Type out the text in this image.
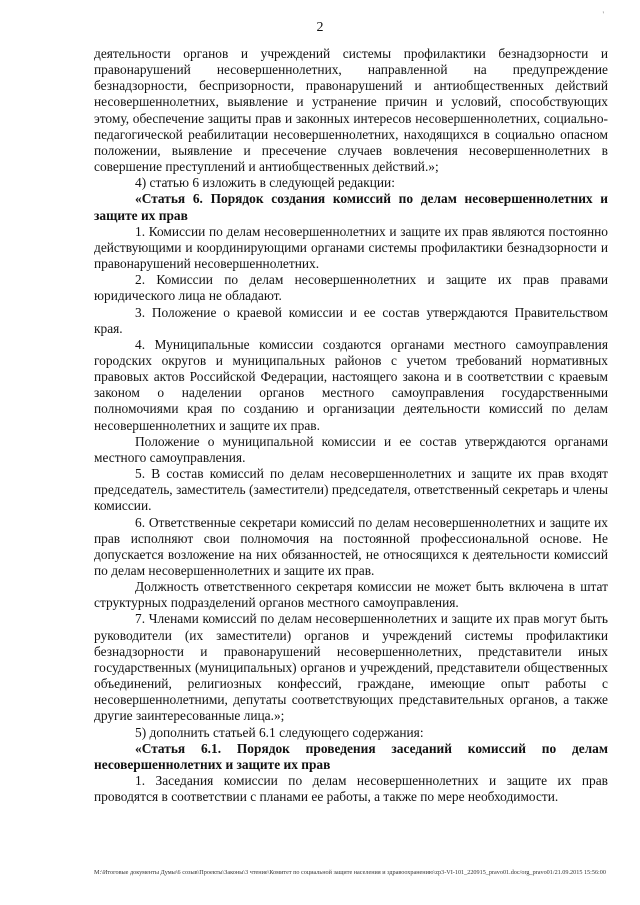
'
2

деятельности органов и учреждений системы профилактики безнадзорности и правонарушений несовершеннолетних, направленной на предупреждение безнадзорности, беспризорности, правонарушений и антиобщественных действий несовершеннолетних, выявление и устранение причин и условий, способствующих этому, обеспечение защиты прав и законных интересов несовершеннолетних, социально-педагогической реабилитации несовершеннолетних, находящихся в социально опасном положении, выявление и пресечение случаев вовлечения несовершеннолетних в совершение преступлений и антиобщественных действий.»;

4) статью 6 изложить в следующей редакции:

«Статья 6. Порядок создания комиссий по делам несовершеннолетних и защите их прав

1. Комиссии по делам несовершеннолетних и защите их прав являются постоянно действующими и координирующими органами системы профилактики безнадзорности и правонарушений несовершеннолетних.

2. Комиссии по делам несовершеннолетних и защите их прав правами юридического лица не обладают.

3. Положение о краевой комиссии и ее состав утверждаются Правительством края.

4. Муниципальные комиссии создаются органами местного самоуправления городских округов и муниципальных районов с учетом требований нормативных правовых актов Российской Федерации, настоящего закона и в соответствии с краевым законом о наделении органов местного самоуправления государственными полномочиями края по созданию и организации деятельности комиссий по делам несовершеннолетних и защите их прав.

Положение о муниципальной комиссии и ее состав утверждаются органами местного самоуправления.

5. В состав комиссий по делам несовершеннолетних и защите их прав входят председатель, заместитель (заместители) председателя, ответственный секретарь и члены комиссии.

6. Ответственные секретари комиссий по делам несовершеннолетних и защите их прав исполняют свои полномочия на постоянной профессиональной основе. Не допускается возложение на них обязанностей, не относящихся к деятельности комиссий по делам несовершеннолетних и защите их прав.

Должность ответственного секретаря комиссии не может быть включена в штат структурных подразделений органов местного самоуправления.

7. Членами комиссий по делам несовершеннолетних и защите их прав могут быть руководители (их заместители) органов и учреждений системы профилактики безнадзорности и правонарушений несовершеннолетних, представители иных государственных (муниципальных) органов и учреждений, представители общественных объединений, религиозных конфессий, граждане, имеющие опыт работы с несовершеннолетними, депутаты соответствующих представительных органов, а также другие заинтересованные лица.»;

5) дополнить статьей 6.1 следующего содержания:

«Статья 6.1. Порядок проведения заседаний комиссий по делам несовершеннолетних и защите их прав

1. Заседания комиссии по делам несовершеннолетних и защите их прав проводятся в соответствии с планами ее работы, а также по мере необходимости.

M:\Итоговые документы Думы\6 созыв\Проекты\Законы\3 чтение\Комитет по социальной защите населения и здравоохранению\zp3-VI-101_220915_pravo01.doc/org_pravo01/21.09.2015 15:56:00
